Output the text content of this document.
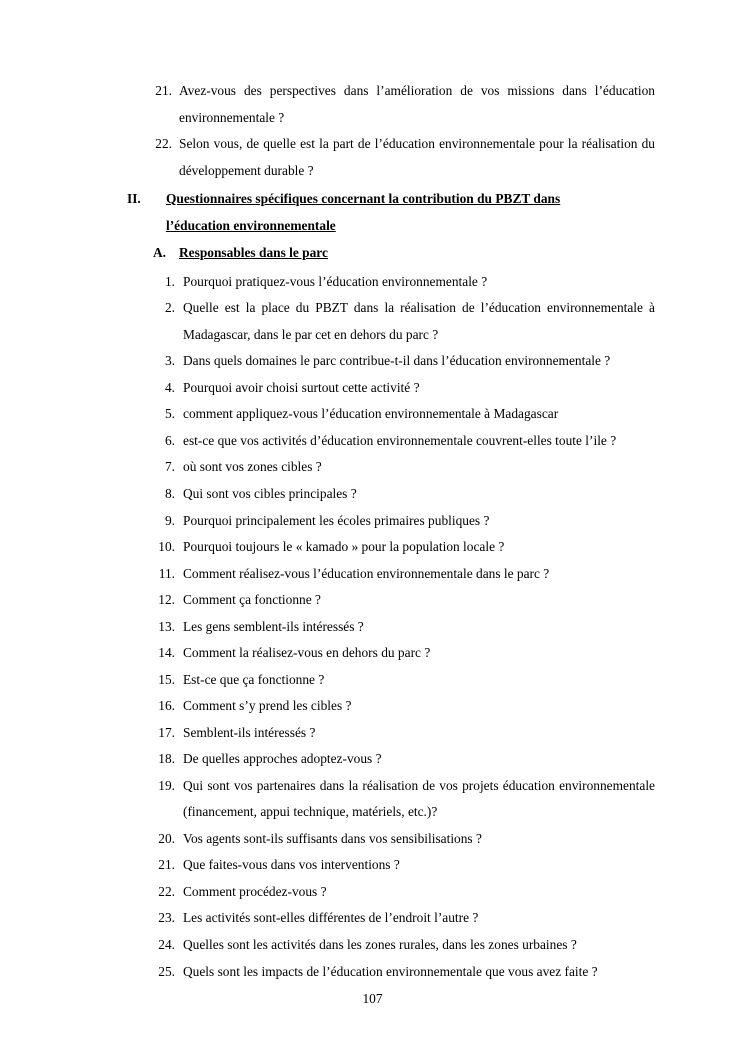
21. Avez-vous des perspectives dans l’amélioration de vos missions dans l’éducation environnementale ?
22. Selon vous, de quelle est la part de l’éducation environnementale pour la réalisation du développement durable ?
II.	Questionnaires spécifiques concernant la contribution du PBZT dans
l’éducation environnementale
A. Responsables dans le parc
1. Pourquoi pratiquez-vous l’éducation environnementale ?
2. Quelle est la place du PBZT dans la réalisation de l’éducation environnementale à Madagascar, dans le par cet en dehors du parc ?
3. Dans quels domaines le parc contribue-t-il dans l’éducation environnementale ?
4. Pourquoi avoir choisi surtout cette activité ?
5. comment appliquez-vous l’éducation environnementale à Madagascar
6. est-ce que vos activités d’éducation environnementale couvrent-elles toute l’ile ?
7. où sont vos zones cibles ?
8. Qui sont vos cibles principales ?
9. Pourquoi principalement les écoles primaires publiques ?
10. Pourquoi toujours le « kamado » pour la population locale ?
11. Comment réalisez-vous l’éducation environnementale dans le parc ?
12. Comment ça fonctionne ?
13. Les gens semblent-ils intéressés ?
14. Comment la réalisez-vous en dehors du parc ?
15. Est-ce que ça fonctionne ?
16. Comment s’y prend les cibles ?
17. Semblent-ils intéressés ?
18. De quelles approches adoptez-vous ?
19. Qui sont vos partenaires dans la réalisation de vos projets éducation environnementale (financement, appui technique, matériels, etc.)?
20. Vos agents sont-ils suffisants dans vos sensibilisations ?
21. Que faites-vous dans vos interventions ?
22. Comment procédez-vous ?
23. Les activités sont-elles différentes de l’endroit l’autre ?
24. Quelles sont les activités dans les zones rurales, dans les zones urbaines ?
25. Quels sont les impacts de l’éducation environnementale que vous avez faite ?
107
